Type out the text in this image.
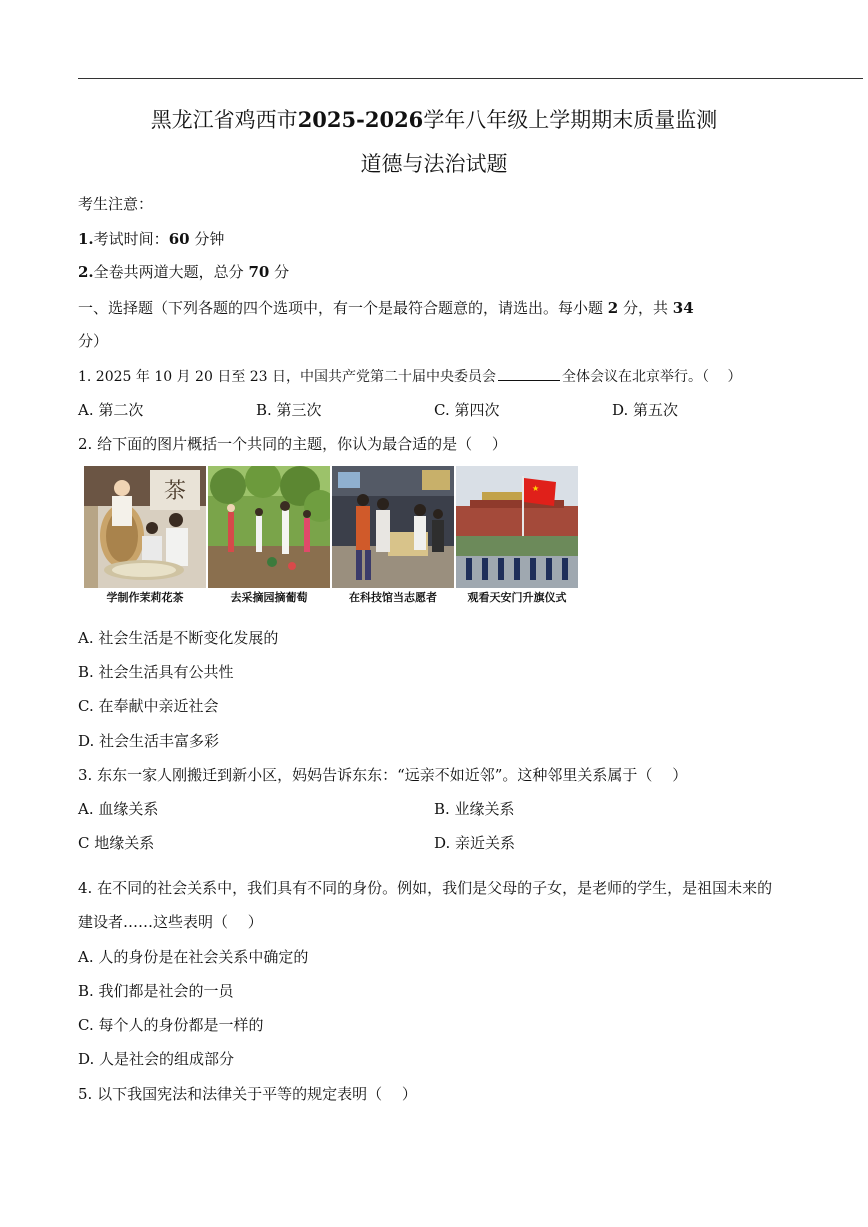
黑龙江省鸡西市2025-2026学年八年级上学期期末质量监测
道德与法治试题
考生注意：
1.考试时间：60 分钟
2.全卷共两道大题，总分 70 分
一、选择题（下列各题的四个选项中，有一个是最符合题意的，请选出。每小题 2 分，共 34
分）
1. 2025 年 10 月 20 日至 23 日，中国共产党第二十届中央委员会	全体会议在北京举行。（　 ）
A. 第二次	B. 第三次	C. 第四次	D. 第五次
2. 给下面的图片概括一个共同的主题，你认为最合适的是（　 ）
茶
学制作茉莉花茶	去采摘园摘葡萄	在科技馆当志愿者
★
观看天安门升旗仪式
A. 社会生活是不断变化发展的
B. 社会生活具有公共性
C. 在奉献中亲近社会
D. 社会生活丰富多彩
3. 东东一家人刚搬迁到新小区，妈妈告诉东东：“远亲不如近邻”。这种邻里关系属于（　 ）
A. 血缘关系	B. 业缘关系
C 地缘关系	D. 亲近关系
4. 在不同的社会关系中，我们具有不同的身份。例如，我们是父母的子女，是老师的学生，是祖国未来的
建设者……这些表明（　 ）
A. 人的身份是在社会关系中确定的
B. 我们都是社会的一员
C. 每个人的身份都是一样的
D. 人是社会的组成部分
5. 以下我国宪法和法律关于平等的规定表明（　 ）
